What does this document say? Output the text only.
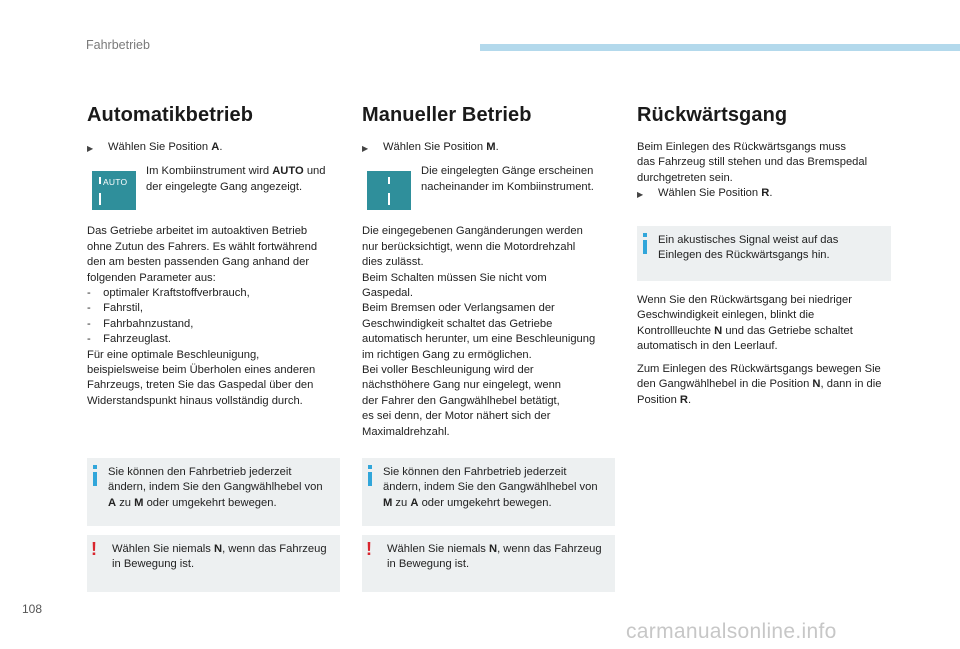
Fahrbetrieb
Automatikbetrieb
▶	Wählen Sie Position A.
AUTO

Im Kombiinstrument wird AUTO und der eingelegte Gang angezeigt.

Das Getriebe arbeitet im autoaktiven Betrieb
ohne Zutun des Fahrers. Es wählt fortwährend
den am besten passenden Gang anhand der
folgenden Parameter aus:
-    optimaler Kraftstoffverbrauch,
-    Fahrstil,
-    Fahrbahnzustand,
-    Fahrzeuglast.
Für eine optimale Beschleunigung,
beispielsweise beim Überholen eines anderen
Fahrzeugs, treten Sie das Gaspedal über den
Widerstandspunkt hinaus vollständig durch.

Sie können den Fahrbetrieb jederzeit ändern, indem Sie den Gangwählhebel von A zu M oder umgekehrt bewegen.
!	Wählen Sie niemals N, wenn das Fahrzeug in Bewegung ist.
Manueller Betrieb
▶	Wählen Sie Position M.

Die eingelegten Gänge erscheinen nacheinander im Kombiinstrument.

Die eingegebenen Gangänderungen werden
nur berücksichtigt, wenn die Motordrehzahl
dies zulässt.
Beim Schalten müssen Sie nicht vom
Gaspedal.
Beim Bremsen oder Verlangsamen der
Geschwindigkeit schaltet das Getriebe
automatisch herunter, um eine Beschleunigung
im richtigen Gang zu ermöglichen.
Bei voller Beschleunigung wird der
nächsthöhere Gang nur eingelegt, wenn
der Fahrer den Gangwählhebel betätigt,
es sei denn, der Motor nähert sich der
Maximaldrehzahl.

Sie können den Fahrbetrieb jederzeit ändern, indem Sie den Gangwählhebel von M zu A oder umgekehrt bewegen.
!	Wählen Sie niemals N, wenn das Fahrzeug in Bewegung ist.
Rückwärtsgang

Beim Einlegen des Rückwärtsgangs muss
das Fahrzeug still stehen und das Bremspedal
durchgetreten sein.

▶	Wählen Sie Position R.
Ein akustisches Signal weist auf das Einlegen des Rückwärtsgangs hin.

Wenn Sie den Rückwärtsgang bei niedriger Geschwindigkeit einlegen, blinkt die Kontrollleuchte N und das Getriebe schaltet automatisch in den Leerlauf.

Zum Einlegen des Rückwärtsgangs bewegen Sie den Gangwählhebel in die Position N, dann in die Position R.

108
carmanualsonline.info
